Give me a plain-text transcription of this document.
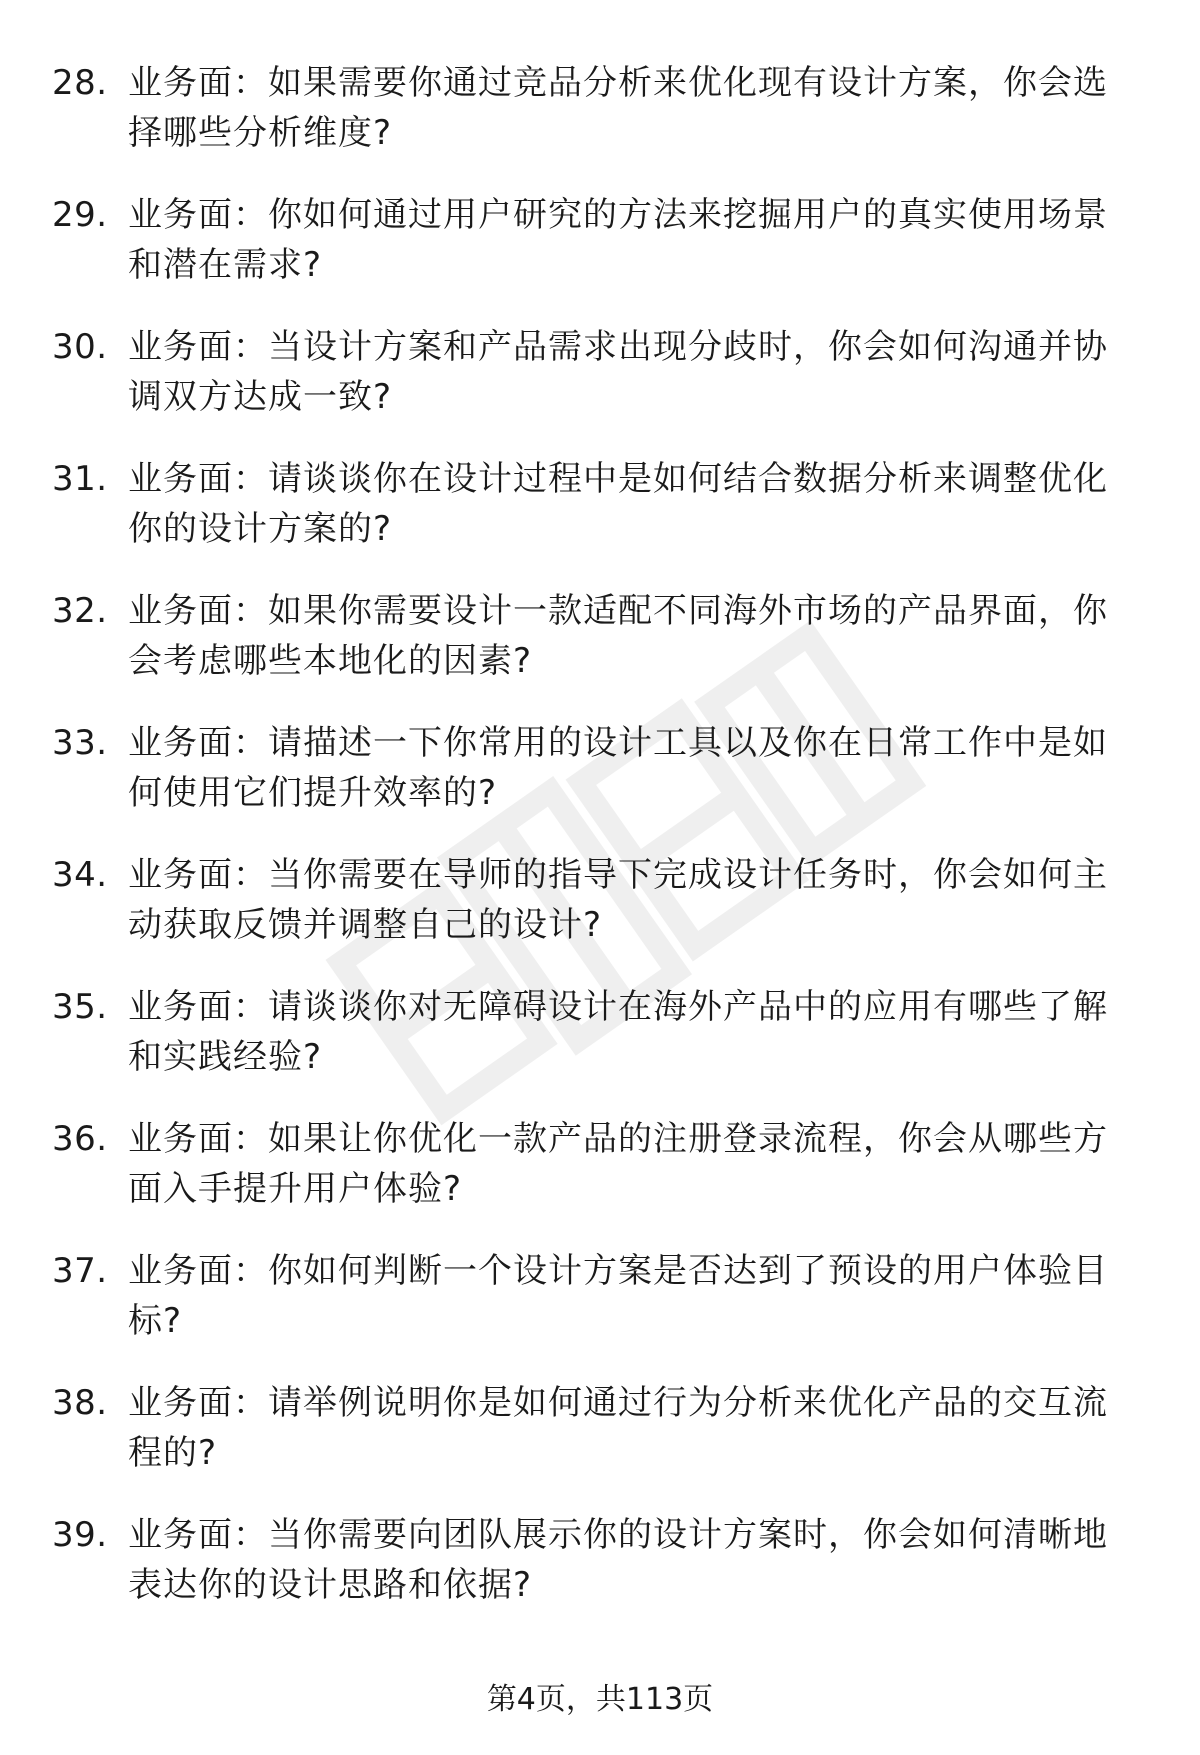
28. 业务面：如果需要你通过竞品分析来优化现有设计方案，你会选择哪些分析维度?
29. 业务面：你如何通过用户研究的方法来挖掘用户的真实使用场景和潜在需求?
30. 业务面：当设计方案和产品需求出现分歧时，你会如何沟通并协调双方达成一致?
31. 业务面：请谈谈你在设计过程中是如何结合数据分析来调整优化你的设计方案的?
32. 业务面：如果你需要设计一款适配不同海外市场的产品界面，你会考虑哪些本地化的因素?
33. 业务面：请描述一下你常用的设计工具以及你在日常工作中是如何使用它们提升效率的?
34. 业务面：当你需要在导师的指导下完成设计任务时，你会如何主动获取反馈并调整自己的设计?
35. 业务面：请谈谈你对无障碍设计在海外产品中的应用有哪些了解和实践经验?
36. 业务面：如果让你优化一款产品的注册登录流程，你会从哪些方面入手提升用户体验?
37. 业务面：你如何判断一个设计方案是否达到了预设的用户体验目标?
38. 业务面：请举例说明你是如何通过行为分析来优化产品的交互流程的?
39. 业务面：当你需要向团队展示你的设计方案时，你会如何清晰地表达你的设计思路和依据?
第4页，共113页
